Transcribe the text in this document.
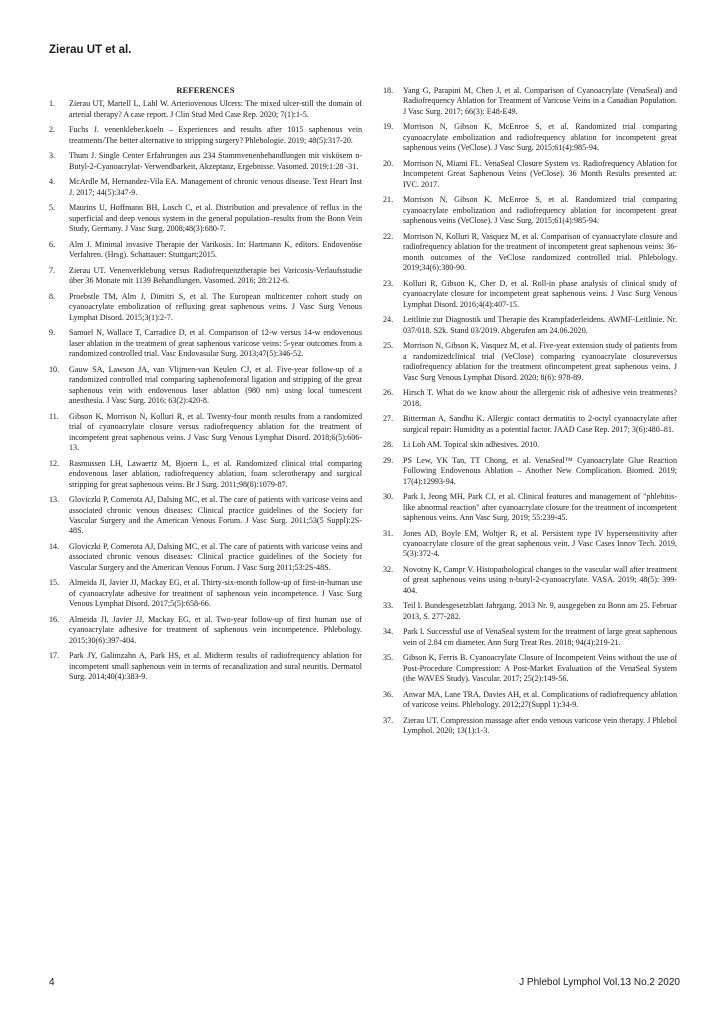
Zierau UT et al.
REFERENCES
1.	Zierau UT, Martell L, Lahl W. Arteriovenous Ulcers: The mixed ulcer-still the domain of arterial therapy? A case report. J Clin Stud Med Case Rep. 2020; 7(1):1-5.
2.	Fuchs J. venenkleber.koeln – Experiences and results after 1015 saphenous vein treatments/The better alternative to stripping surgery? Phlebologie. 2019; 48(5):317-20.
3.	Thum J. Single Center Erfahrungen aus 234 Stammvenenbehandlungen mit viskösem n-Butyl-2-Cyanoacrylat- Verwendbarkeit, Akzeptanz, Ergebnisse. Vasomed. 2019;1:28 -31.
4.	McArdle M, Hernandez-Vila EA. Management of chronic venous disease. Text Heart Inst J. 2017; 44(5):347-9.
5.	Maurins U, Hoffmann BH, Losch C, et al. Distribution and prevalence of reflux in the superficial and deep venous system in the general population–results from the Bonn Vein Study, Germany. J Vasc Surg. 2008;48(3):680-7.
6.	Alm J. Minimal invasive Therapie der Varikosis. In: Hartmann K, editors. Endovenöse Verfahren. (Hrsg). Schattauer: Stuttgart;2015.
7.	Zierau UT. Venenverklebung versus Radiofrequenztherapie bei Varicosis-Verlaufsstudie über 36 Monate mit 1139 Behandlungen. Vasomed. 2016; 28:212-6.
8.	Proebstle TM, Alm J, Dimitri S, et al. The European multicenter cohort study on cyanoacrylate embolization of refluxing great saphenous veins. J Vasc Surg Venous Lymphat Disord. 2015;3(1):2-7.
9.	Samuel N, Wallace T, Carradice D, et al. Comparison of 12-w versus 14-w endovenous laser ablation in the treatment of great saphenous varicose veins: 5-year outcomes from a randomized controlled trial. Vasc Endovasular Surg. 2013;47(5):346-52.
10.	Gauw SA, Lawson JA, van Vlijmen-van Keulen CJ, et al. Five-year follow-up of a randomized controlled trial comparing saphenofemoral ligation and stripping of the great saphenous vein with endovenous laser ablation (980 nm) using local tumescent anesthesia. J Vasc Surg. 2016; 63(2):420-8.
11.	Gibson K, Morrison N, Kolluri R, et al. Twenty-four month results from a randomized trial of cyanoacrylate closure versus radiofrequency ablation for the treatment of incompetent great saphenous veins. J Vasc Surg Venous Lymphat Disord. 2018;6(5):606-13.
12.	Rasmussen LH, Lawaertz M, Bjoern L, et al. Randomized clinical trial comparing endovenous laser ablation, radiofrequency ablation, foam sclerotherapy and surgical stripping for great saphenous veins. Br J Surg. 2011;98(8):1079-87.
13.	Gloviczki P, Comerota AJ, Dalsing MC, et al. The care of patients with varicose veins and associated chronic venous diseases: Clinical practice guidelines of the Society for Vascular Surgery and the American Venous Forum. J Vasc Surg. 2011;53(5 Suppl):2S-48S.
14.	Gloviczki P, Comerota AJ, Dalsing MC, et al. The care of patients with varicose veins and associated chronic venous diseases: Clinical practice guidelines of the Society for Vascular Surgery and the American Venous Forum. J Vasc Surg 2011;53:2S-48S.
15.	Almeida JI, Javier JJ, Mackay EG, et al. Thirty-six-month follow-up of first-in-human use of cyanoacrylate adhesive for treatment of saphenous vein incompetence. J Vasc Surg Venous Lymphat Disord. 2017;5(5):658-66.
16.	Almeida JI, Javier JJ, Mackay EG, et al. Two-year follow-up of first human use of cyanoacrylate adhesive for treatment of saphenous vein incompetence. Phlebology. 2015;30(6):397-404.
17.	Park JY, Galimzahn A, Park HS, et al. Midterm results of radiofrequency ablation for incompetent small saphenous vein in terms of recanalization and sural neuritis. Dermatol Surg. 2014;40(4):383-9.
18.	Yang G, Parapini M, Chen J, et al. Comparison of Cyanoacrylate (VenaSeal) and Radiofrequency Ablation for Treatment of Varicose Veins in a Canadian Population. J Vasc Surg. 2017; 66(3): E48-E49.
19.	Morrison N, Gibson K, McEnroe S, et al. Randomized trial comparing cyanoacrylate embolization and radiofrequency ablation for incompetent great saphenous veins (VeClose). J Vasc Surg. 2015;61(4):985-94.
20.	Morrison N, Miami FL. VenaSeal Closure System vs. Radiofrequency Ablation for Incompetent Great Saphenous Veins (VeClose). 36 Month Results presented at: IVC. 2017.
21.	Morrison N, Gibson K, McEnroe S, et al. Randomized trial comparing cyanoacrylate embolization and radiofrequency ablation for incompetent great saphenous veins (VeClose). J Vasc Surg. 2015;61(4):985-94.
22.	Morrison N, Kolluri R, Vasquez M, et al. Comparison of cyanoacrylate closure and radiofrequency ablation for the treatment of incompetent great saphenous veins: 36-month outcomes of the VeClose randomized controlled trial. Phlebology. 2019;34(6):380-90.
23.	Kolluri R, Gibson K, Cher D, et al. Roll-in phase analysis of clinical study of cyanoacrylate closure for incompetent great saphenous veins. J Vasc Surg Venous Lymphat Disord. 2016;4(4):407-15.
24.	Leitlinie zur Diagnostik und Therapie des Krampfaderleidens. AWMF-Leitlinie. Nr. 037/018. S2k. Stand 03/2019. Abgerufen am 24.06.2020.
25.	Morrison N, Gibson K, Vasquez M, et al. Five-year extension study of patients from a randomizedclinical trial (VeClose) comparing cyanoacrylate closureversus radiofrequency ablation for the treatment ofincompetent great saphenous veins. J Vasc Surg Venous Lymphat Disord. 2020; 8(6): 978-89.
26.	Hirsch T. What do we know about the allergenic risk of adhesive vein treatments?2018.
27.	Bitterman A, Sandhu K. Allergic contact dermatitis to 2-octyl cyanoacrylate after surgical repair: Humidity as a potential factor. JAAD Case Rep. 2017; 3(6):480–81.
28.	Li Loh AM. Topical skin adhesives. 2010.
29.	PS Lew, YK Tan, TT Chong, et al. VenaSeal™ Cyanoacrylate Glue Reaction Following Endovenous Ablation – Another New Complication. Biomed. 2019; 17(4):12993-94.
30.	Park I, Jeong MH, Park CJ, et al. Clinical features and management of "phlebitis-like abnormal reaction" after cyanoacrylate closure for the treatment of incompetent saphenous veins. Ann Vasc Surg. 2019; 55:239-45.
31.	Jones AD, Boyle EM, Woltjer R, et al. Persistent type IV hypersensitivity after cyanoacrylate closure of the great saphenous vein. J Vasc Cases Innov Tech. 2019, 5(3):372-4.
32.	Novotny K, Campr V. Histopathological changes to the vascular wall after treatment of great saphenous veins using n-butyl-2-cyanoacrylate. VASA. 2019; 48(5): 399-404.
33.	Teil I. Bundesgesetzblatt Jahrgang. 2013 Nr. 9, ausgegeben zu Bonn am 25. Februar 2013, S. 277-282.
34.	Park I. Successful use of VenaSeal system for the treatment of large great saphenous vein of 2.84 cm diameter. Ann Surg Treat Res. 2018; 94(4):219-21.
35.	Gibson K, Ferris B. Cyanoacrylate Closure of Incompetent Veins without the use of Post-Procedure Compression: A Post-Market Evaluation of the VenaSeal System (the WAVES Study). Vascular. 2017; 25(2):149-56.
36.	Anwar MA, Lane TRA, Davies AH, et al. Complications of radiofrequency ablation of varicose veins. Phlebology. 2012;27(Suppl 1):34-9.
37.	Zierau UT. Compression massage after endo venous varicose vein therapy. J Phlebol Lymphol. 2020; 13(1):1-3.
4	J Phlebol Lymphol Vol.13 No.2 2020
